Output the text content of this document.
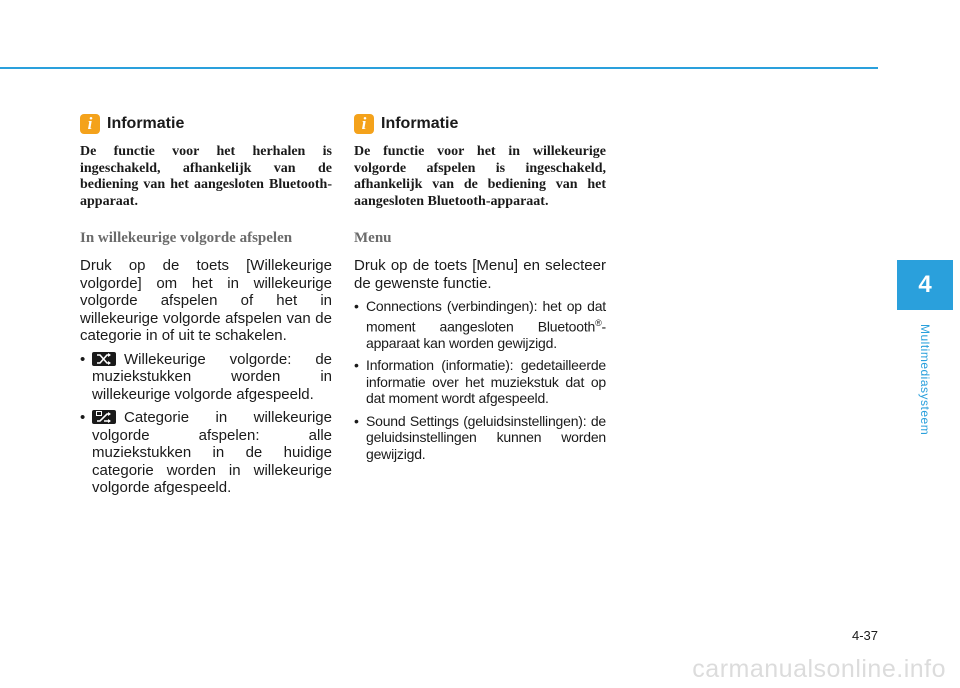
i Informatie

De functie voor het herhalen is ingeschakeld, afhankelijk van de bediening van het aangesloten Bluetooth-apparaat.

In willekeurige volgorde afspelen

Druk op de toets [Willekeurige volgorde] om het in willekeurige volgorde afspelen of het in willekeurige volgorde afspelen van de categorie in of uit te schakelen.

• Willekeurige volgorde: de muziekstukken worden in willekeurige volgorde afgespeeld.
• Categorie in willekeurige volgorde afspelen: alle muziekstukken in de huidige categorie worden in willekeurige volgorde afgespeeld.
i Informatie

De functie voor het in willekeurige volgorde afspelen is ingeschakeld, afhankelijk van de bediening van het aangesloten Bluetooth-apparaat.

Menu

Druk op de toets [Menu] en selecteer de gewenste functie.

• Connections (verbindingen): het op dat moment aangesloten Bluetooth®-apparaat kan worden gewijzigd.
• Information (informatie): gedetailleerde informatie over het muziekstuk dat op dat moment wordt afgespeeld.
• Sound Settings (geluidsinstellingen): de geluidsinstellingen kunnen worden gewijzigd.
4
Multimediasysteem
4-37
carmanualsonline.info
